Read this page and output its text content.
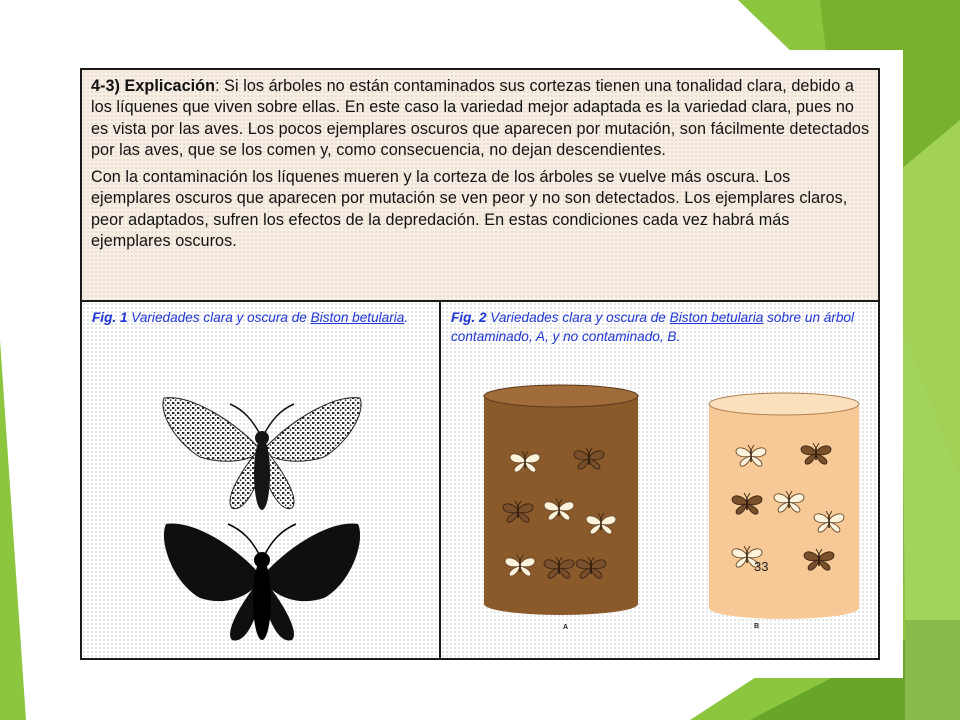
4-3) Explicación: Si los árboles no están contaminados sus cortezas tienen una tonalidad clara, debido a los líquenes que viven sobre ellas. En este caso la variedad mejor adaptada es la variedad clara, pues no es vista por las aves. Los pocos ejemplares oscuros que aparecen por mutación, son fácilmente detectados por las aves, que se los comen y, como consecuencia, no dejan descendientes.

Con la contaminación los líquenes mueren y la corteza de los árboles se vuelve más oscura. Los ejemplares oscuros que aparecen por mutación se ven peor y no son detectados. Los ejemplares claros, peor adaptados, sufren los efectos de la depredación. En estas condiciones cada vez habrá más ejemplares oscuros.

Fig. 1 Variedades clara y oscura de Biston betularia.
A	B
Fig. 2 Variedades clara y oscura de Biston betularia sobre un árbol contaminado, A, y no contaminado, B.
33
